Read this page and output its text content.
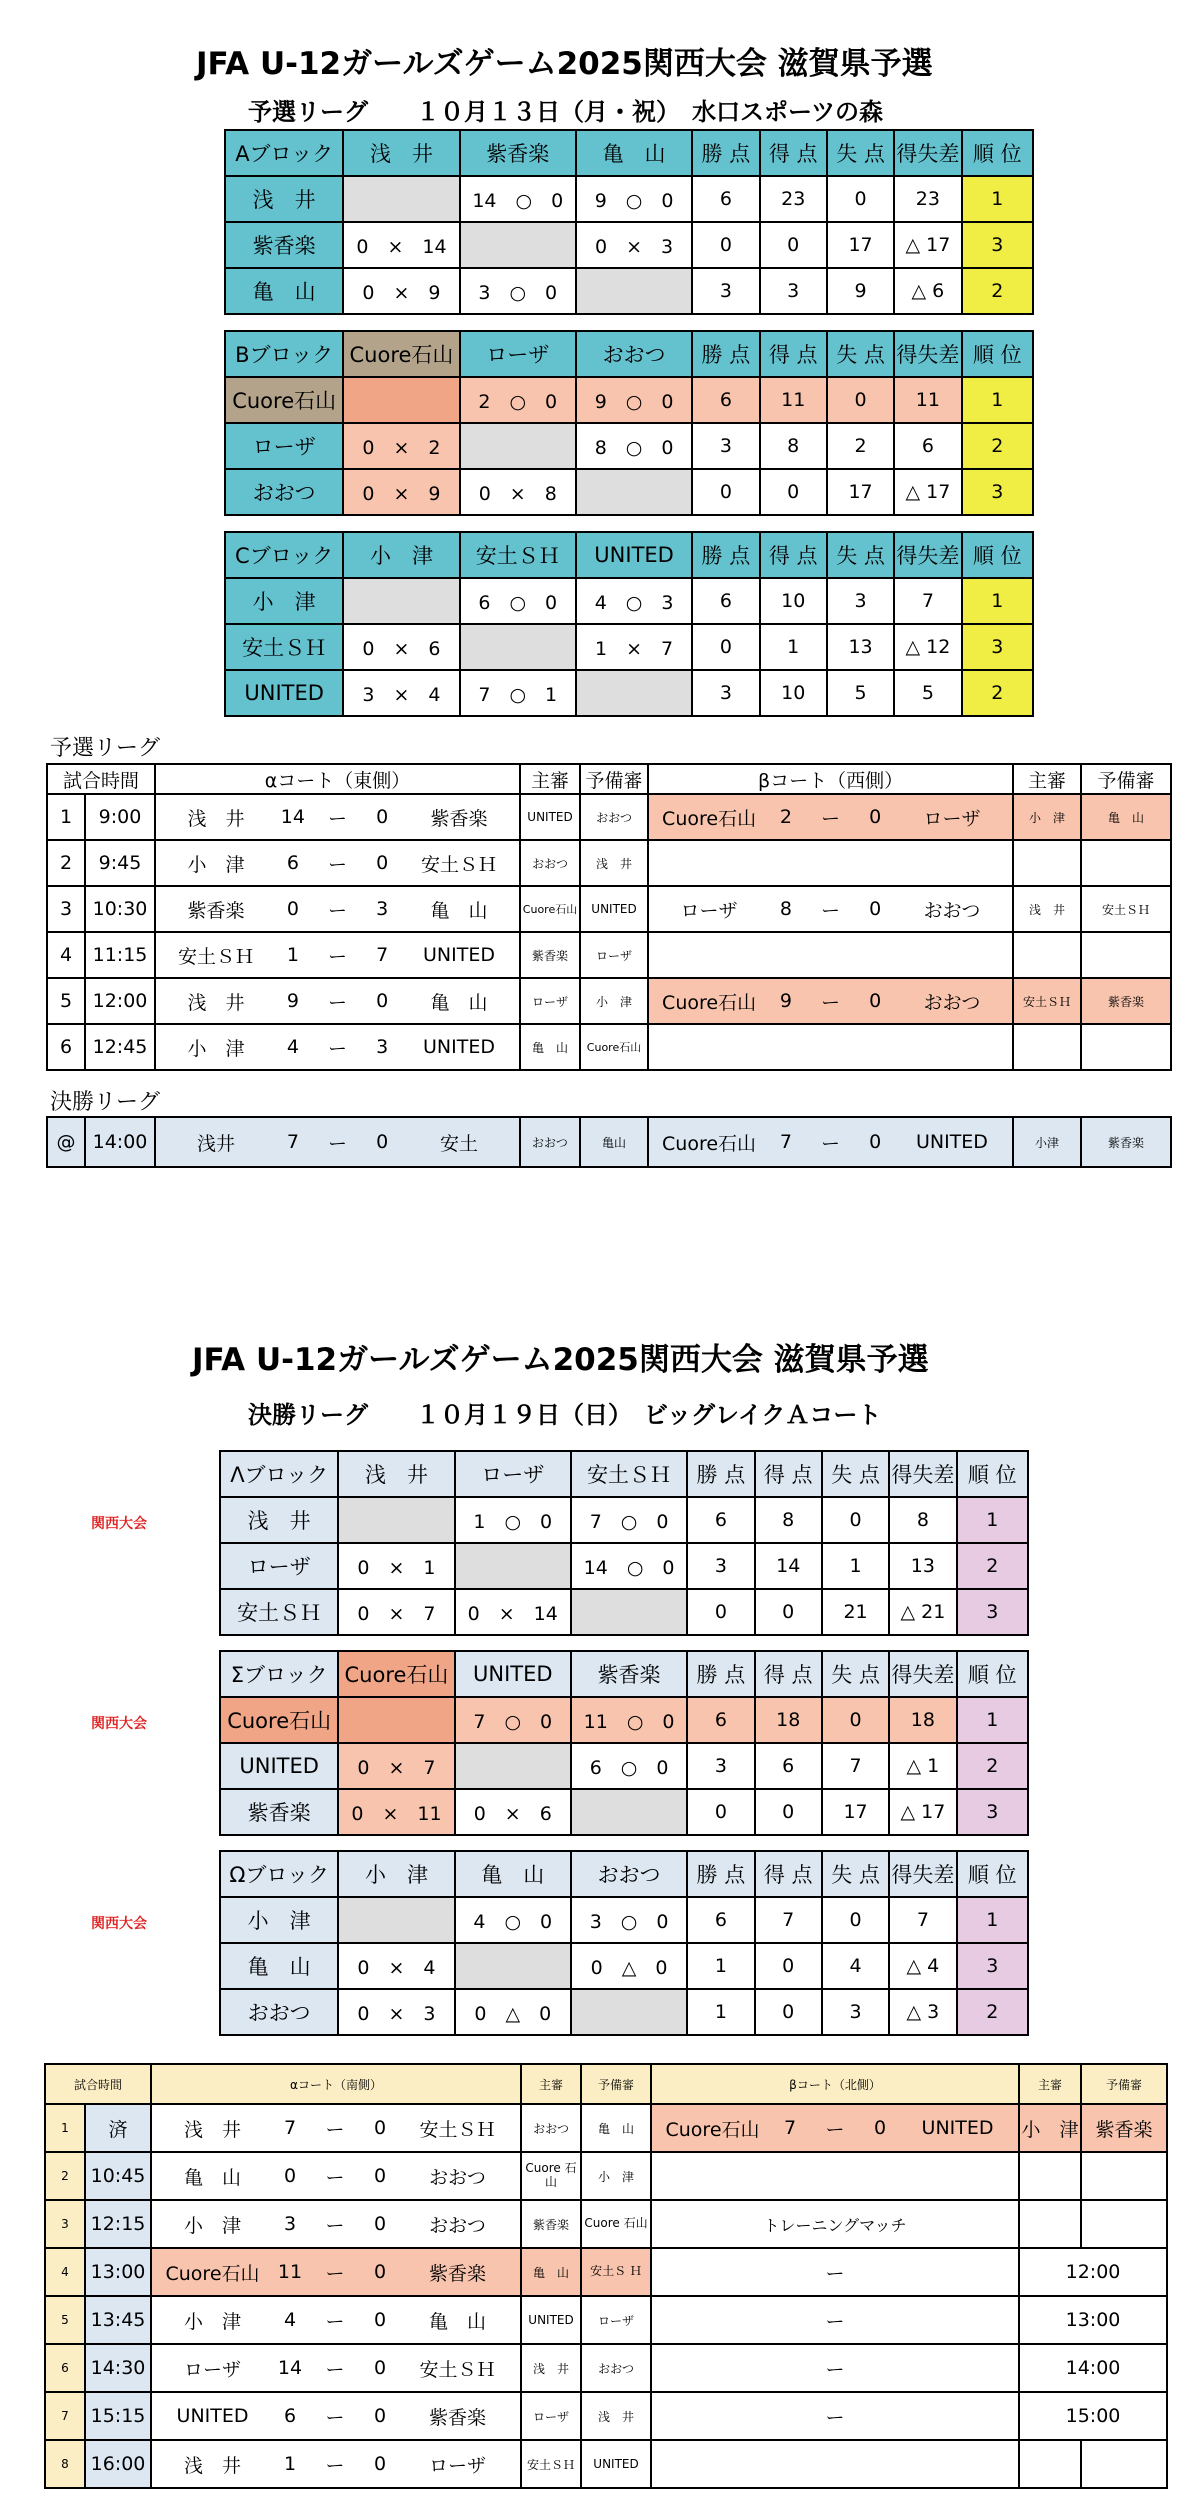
JFA U-12ガールズゲーム2025関西大会 滋賀県予選
予選リーグ　　１０月１３日（月・祝）　水口スポーツの森
Aブロック	浅　井	紫香楽	亀　山	勝 点	得 点	失 点	得失差	順 位
浅　井		14　○　0	9　○　0	6	23	0	23	1
紫香楽	0　×　14		0　×　3	0	0	17	△ 17	3
亀　山	0　×　9	3　○　0		3	3	9	△ 6	2
Bブロック	Cuore石山	ローザ	おおつ	勝 点	得 点	失 点	得失差	順 位
Cuore石山		2　○　0	9　○　0	6	11	0	11	1
ローザ	0　×　2		8　○　0	3	8	2	6	2
おおつ	0　×　9	0　×　8		0	0	17	△ 17	3
Cブロック	小　津	安土ＳＨ	UNITED	勝 点	得 点	失 点	得失差	順 位
小　津		6　○　0	4　○　3	6	10	3	7	1
安土ＳＨ	0　×　6		1　×　7	0	1	13	△ 12	3
UNITED	3　×　4	7　○　1		3	10	5	5	2
予選リーグ
試合時間		αコート（東側）	主審	予備審	βコート（西側）	主審	予備審
1	9:00	浅　井 14 ー 0 紫香楽	UNITED	おおつ	Cuore石山 2 ー 0 ローザ	小　津	亀　山
2	9:45	小　津 6 ー 0 安土ＳＨ	おおつ	浅　井			
3	10:30	紫香楽 0 ー 3 亀　山	Cuore石山	UNITED	ローザ 8 ー 0 おおつ	浅　井	安土ＳＨ
4	11:15	安土ＳＨ 1 ー 7 UNITED	紫香楽	ローザ			
5	12:00	浅　井 9 ー 0 亀　山	ローザ	小　津	Cuore石山 9 ー 0 おおつ	安土ＳＨ	紫香楽
6	12:45	小　津 4 ー 3 UNITED	亀　山	Cuore石山			
決勝リーグ
@	14:00	浅井	7	ー	0	安土	おおつ	亀山	Cuore石山	7	ー	0	UNITED	小津	紫香楽
JFA U-12ガールズゲーム2025関西大会 滋賀県予選
決勝リーグ　　１０月１９日（日）　ビッグレイクＡコート
関西大会
関西大会
関西大会
Λブロック	浅　井	ローザ	安土ＳＨ	勝 点	得 点	失 点	得失差	順 位
浅　井		1　○　0	7　○　0	6	8	0	8	1
ローザ	0　×　1		14　○　0	3	14	1	13	2
安土ＳＨ	0　×　7	0　×　14		0	0	21	△ 21	3
Σブロック	Cuore石山	UNITED	紫香楽	勝 点	得 点	失 点	得失差	順 位
Cuore石山		7　○　0	11　○　0	6	18	0	18	1
UNITED	0　×　7		6　○　0	3	6	7	△ 1	2
紫香楽	0　×　11	0　×　6		0	0	17	△ 17	3
Ωブロック	小　津	亀　山	おおつ	勝 点	得 点	失 点	得失差	順 位
小　津		4　○　0	3　○　0	6	7	0	7	1
亀　山	0　×　4		0　△　0	1	0	4	△ 4	3
おおつ	0　×　3	0　△　0		1	0	3	△ 3	2
試合時間		αコート（南側）	主審	予備審	βコート（北側）	主審	予備審
1	済	浅　井 7 ー 0 安土ＳＨ	おおつ	亀　山	Cuore石山 7 ー 0 UNITED	小　津	紫香楽
2	10:45	亀　山 0 ー 0 おおつ	Cuore 石山	小　津			
3	12:15	小　津 3 ー 0 おおつ	紫香楽	Cuore 石山	トレーニングマッチ		
4	13:00	Cuore石山 11 ー 0 紫香楽	亀　山	安土Ｓ Ｈ	ー	12:00	
5	13:45	小　津 4 ー 0 亀　山	UNITED	ローザ	ー	13:00	
6	14:30	ローザ 14 ー 0 安土ＳＨ	浅　井	おおつ	ー	14:00	
7	15:15	UNITED 6 ー 0 紫香楽	ローザ	浅　井	ー	15:00	
8	16:00	浅　井 1 ー 0 ローザ	安土ＳＨ	UNITED			
